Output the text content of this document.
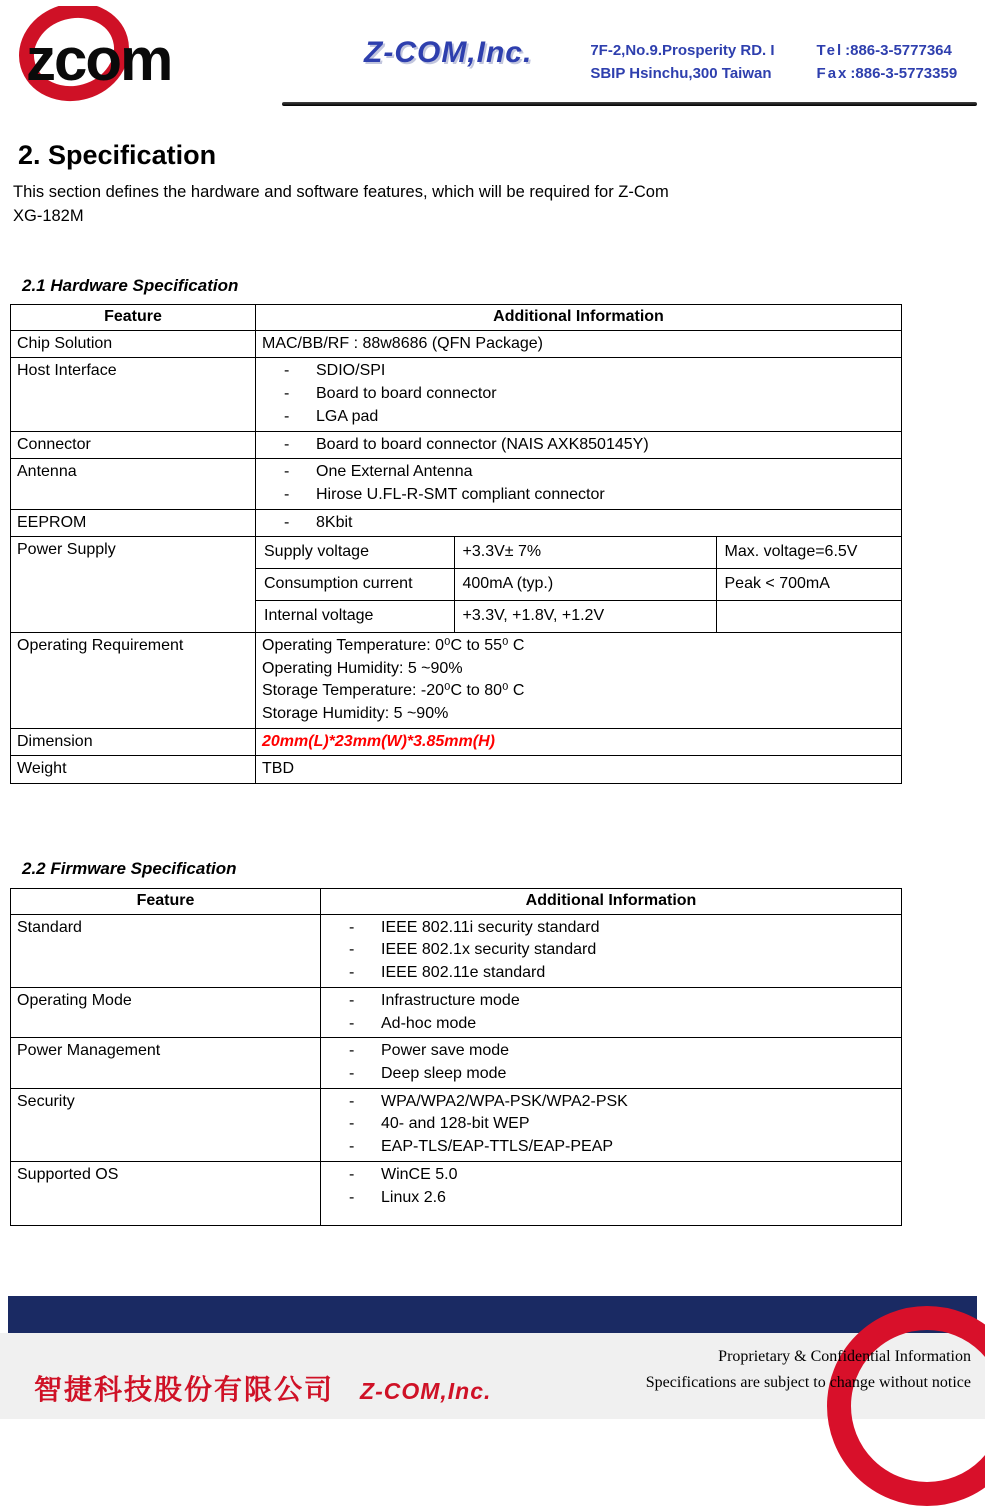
zcom	Z-COM,Inc.	7F-2,No.9.Prosperity RD. I
SBIP Hsinchu,300 Taiwan
Tel :886-3-5777364
Fax :886-3-5773359
2. Specification
This section defines the hardware and software features, which will be required for Z-Com
XG-182M
2.1 Hardware Specification
Feature	Additional Information
Chip Solution	MAC/BB/RF : 88w8686 (QFN Package)
Host Interface	-	SDIO/SPI
-	Board to board connector
-	LGA pad

Connector	-	Board to board connector (NAIS AXK850145Y)

Antenna	-	One External Antenna
-	Hirose U.FL-R-SMT compliant connector

EEPROM	-	8Kbit

Power Supply		Supply voltage	+3.3V± 7%	Max. voltage=6.5V
Consumption current	400mA (typ.)	Peak < 700mA
Internal voltage	+3.3V, +1.8V, +1.2V	

Operating Requirement	Operating Temperature: 0⁰C to 55⁰ C
Operating Humidity: 5 ~90%
Storage Temperature: -20⁰C to 80⁰ C
Storage Humidity: 5 ~90%

Dimension	20mm(L)*23mm(W)*3.85mm(H)
Weight	TBD
2.2 Firmware Specification
Feature	Additional Information
Standard	-	IEEE 802.11i security standard
-	IEEE 802.1x security standard
-	IEEE 802.11e standard

Operating Mode	- Infrastructure mode
- Ad-hoc mode

Power Management	- Power save mode
- Deep sleep mode

Security	-	WPA/WPA2/WPA-PSK/WPA2-PSK
-	40- and 128-bit WEP
-	EAP-TLS/EAP-TTLS/EAP-PEAP

Supported OS	- WinCE 5.0
- Linux 2.6
智捷科技股份有限公司 Z-COM,Inc.
Proprietary & Confidential Information
Specifications are subject to change without notice
